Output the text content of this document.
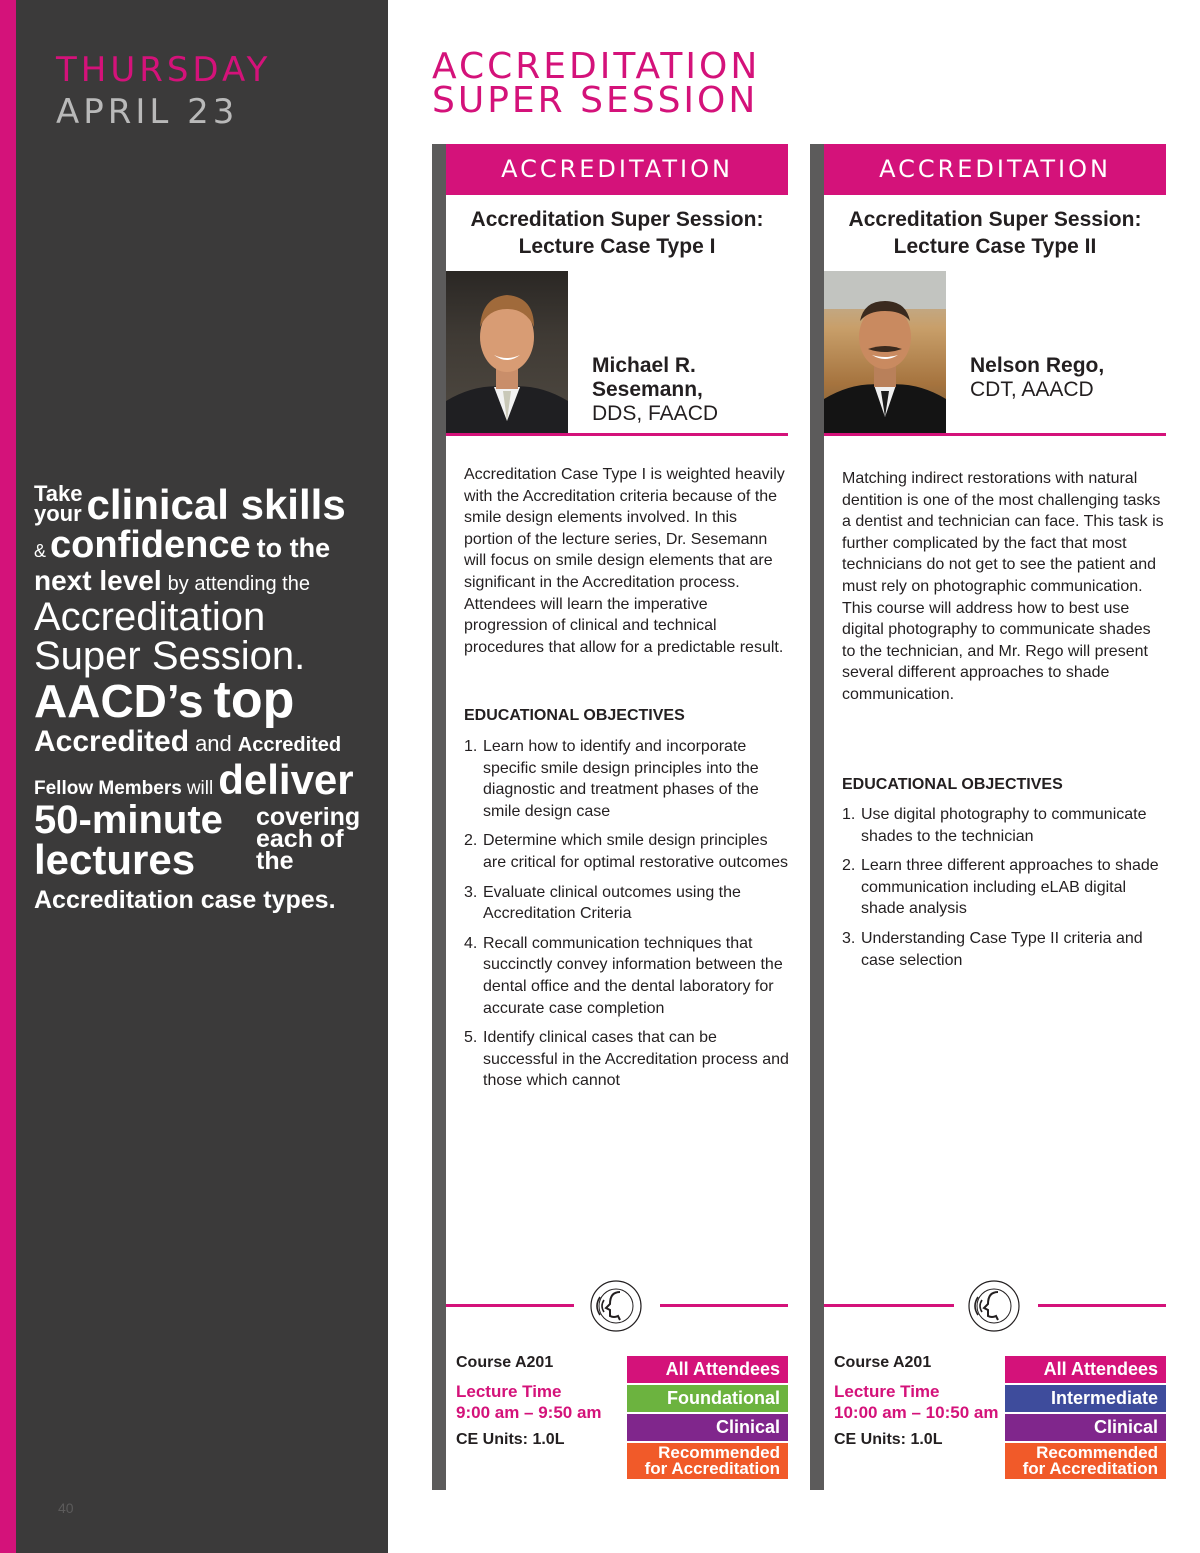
THURSDAY
APRIL 23
Take
your clinical skills
& confidence to the
next level by attending the
Accreditation
Super Session.
AACD’s top
Accredited and Accredited
Fellow Members will deliver
50-minute
lectures
covering
each of
the
Accreditation case types.
40
ACCREDITATION
SUPER SESSION
ACCREDITATION
Accreditation Super Session:
Lecture Case Type I
Michael R.
Sesemann,
DDS, FAACD

Accreditation Case Type I is weighted heavily with the Accreditation criteria because of the smile design elements involved. In this portion of the lecture series, Dr. Sesemann will focus on smile design elements that are significant in the Accreditation process. Attendees will learn the imperative progression of clinical and technical procedures that allow for a predictable result.

EDUCATIONAL OBJECTIVES
1. Learn how to identify and incorporate specific smile design principles into the diagnostic and treatment phases of the smile design case
2. Determine which smile design principles are critical for optimal restorative outcomes
3. Evaluate clinical outcomes using the Accreditation Criteria
4. Recall communication techniques that succinctly convey information between the dental office and the dental laboratory for accurate case completion
5. Identify clinical cases that can be successful in the Accreditation process and those which cannot
Course A201
Lecture Time
9:00 am – 9:50 am
CE Units: 1.0L
All Attendees
Foundational
Clinical
Recommended
for Accreditation
ACCREDITATION
Accreditation Super Session:
Lecture Case Type II
Nelson Rego,
CDT, AAACD

Matching indirect restorations with natural dentition is one of the most challenging tasks a dentist and technician can face. This task is further complicated by the fact that most technicians do not get to see the patient and must rely on photographic communication. This course will address how to best use digital photography to communicate shades to the technician, and Mr. Rego will present several different approaches to shade communication.

EDUCATIONAL OBJECTIVES
1. Use digital photography to communicate shades to the technician
2. Learn three different approaches to shade communication including eLAB digital shade analysis
3. Understanding Case Type II criteria and case selection
Course A201
Lecture Time
10:00 am – 10:50 am
CE Units: 1.0L
All Attendees
Intermediate
Clinical
Recommended
for Accreditation
